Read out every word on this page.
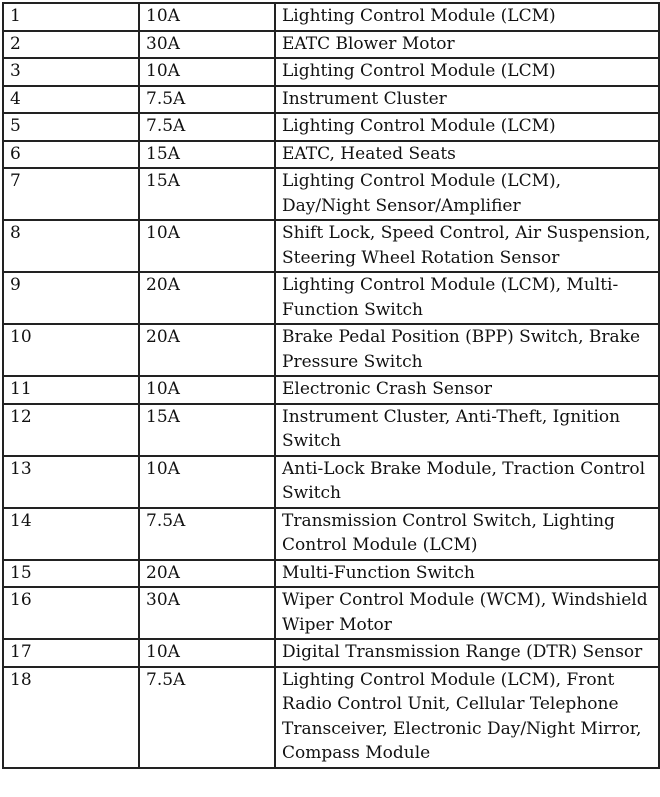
1	10A	Lighting Control Module (LCM)
2	30A	EATC Blower Motor
3	10A	Lighting Control Module (LCM)
4	7.5A	Instrument Cluster
5	7.5A	Lighting Control Module (LCM)
6	15A	EATC, Heated Seats
7	15A	Lighting Control Module (LCM), Day/Night Sensor/Amplifier
8	10A	Shift Lock, Speed Control, Air Suspension, Steering Wheel Rotation Sensor
9	20A	Lighting Control Module (LCM), Multi-Function Switch
10	20A	Brake Pedal Position (BPP) Switch, Brake Pressure Switch
11	10A	Electronic Crash Sensor
12	15A	Instrument Cluster, Anti-Theft, Ignition Switch
13	10A	Anti-Lock Brake Module, Traction Control Switch
14	7.5A	Transmission Control Switch, Lighting Control Module (LCM)
15	20A	Multi-Function Switch
16	30A	Wiper Control Module (WCM), Windshield Wiper Motor
17	10A	Digital Transmission Range (DTR) Sensor
18	7.5A	Lighting Control Module (LCM), Front Radio Control Unit, Cellular Telephone Transceiver, Electronic Day/Night Mirror, Compass Module
